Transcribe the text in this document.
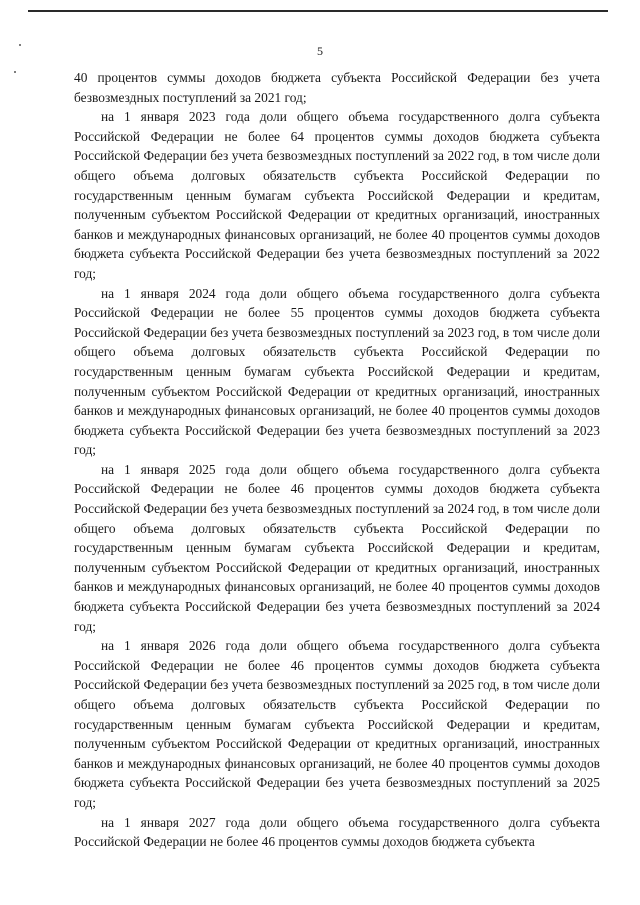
5

40 процентов суммы доходов бюджета субъекта Российской Федерации без учета безвозмездных поступлений за 2021 год;

на 1 января 2023 года доли общего объема государственного долга субъекта Российской Федерации не более 64 процентов суммы доходов бюджета субъекта Российской Федерации без учета безвозмездных поступлений за 2022 год, в том числе доли общего объема долговых обязательств субъекта Российской Федерации по государственным ценным бумагам субъекта Российской Федерации и кредитам, полученным субъектом Российской Федерации от кредитных организаций, иностранных банков и международных финансовых организаций, не более 40 процентов суммы доходов бюджета субъекта Российской Федерации без учета безвозмездных поступлений за 2022 год;

на 1 января 2024 года доли общего объема государственного долга субъекта Российской Федерации не более 55 процентов суммы доходов бюджета субъекта Российской Федерации без учета безвозмездных поступлений за 2023 год, в том числе доли общего объема долговых обязательств субъекта Российской Федерации по государственным ценным бумагам субъекта Российской Федерации и кредитам, полученным субъектом Российской Федерации от кредитных организаций, иностранных банков и международных финансовых организаций, не более 40 процентов суммы доходов бюджета субъекта Российской Федерации без учета безвозмездных поступлений за 2023 год;

на 1 января 2025 года доли общего объема государственного долга субъекта Российской Федерации не более 46 процентов суммы доходов бюджета субъекта Российской Федерации без учета безвозмездных поступлений за 2024 год, в том числе доли общего объема долговых обязательств субъекта Российской Федерации по государственным ценным бумагам субъекта Российской Федерации и кредитам, полученным субъектом Российской Федерации от кредитных организаций, иностранных банков и международных финансовых организаций, не более 40 процентов суммы доходов бюджета субъекта Российской Федерации без учета безвозмездных поступлений за 2024 год;

на 1 января 2026 года доли общего объема государственного долга субъекта Российской Федерации не более 46 процентов суммы доходов бюджета субъекта Российской Федерации без учета безвозмездных поступлений за 2025 год, в том числе доли общего объема долговых обязательств субъекта Российской Федерации по государственным ценным бумагам субъекта Российской Федерации и кредитам, полученным субъектом Российской Федерации от кредитных организаций, иностранных банков и международных финансовых организаций, не более 40 процентов суммы доходов бюджета субъекта Российской Федерации без учета безвозмездных поступлений за 2025 год;

на 1 января 2027 года доли общего объема государственного долга субъекта Российской Федерации не более 46 процентов суммы доходов бюджета субъекта
